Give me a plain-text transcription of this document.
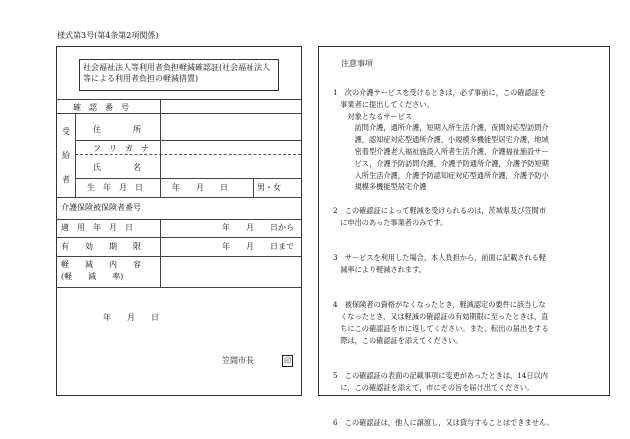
様式第3号(第4条第2項関係)
社会福祉法人等利用者負担軽減確認証(社会福祉法人
等による利用者負担の軽減措置)
確　認　番　号
受
給
者
住　　　　所
フ　リ　ガ　ナ
氏　　　　名
生　年　月　日	年　　月　　日	男・女
介護保険被保険者番号
適　用　年　月　日	年　　月　　日から
有　　効　　期　　限	年　　月　　日まで
軽　　減　　内　　容
(軽　　減　　率)
年　　月　　日
笠間市長	印
注意事項
1　次の介護サービスを受けるときは，必ず事前に，この確認証を
　事業者に提出してください。
　　対象となるサービス
　　　訪問介護，通所介護，短期入所生活介護，夜間対応型訪問介
　　　護，認知症対応型通所介護，小規模多機能型居宅介護，地域
　　　密着型介護老人福祉施設入所者生活介護，介護福祉施設サー
　　　ビス，介護予防訪問介護，介護予防通所介護，介護予防短期
　　　入所生活介護，介護予防認知症対応型通所介護，介護予防小
　　　規模多機能型居宅介護
2　この確認証によって軽減を受けられるのは，茨城県及び笠間市
　に申出のあった事業者のみです。
3　サービスを利用した場合，本人負担から，前面に記載される軽
　減率により軽減されます。
4　被保険者の資格がなくなったとき，軽減認定の要件に該当しな
　くなったとき，又は軽減の確認証の有効期限に至ったときは，直
　ちにこの確認証を市に返してください。また，転出の届出をする
　際は，この確認証を添えてください。
5　この確認証の表面の記載事項に変更があったときは，14日以内
　に，この確認証を添えて，市にその旨を届け出てください。
6　この確認証は，他人に譲渡し，又は貸与することはできません。
